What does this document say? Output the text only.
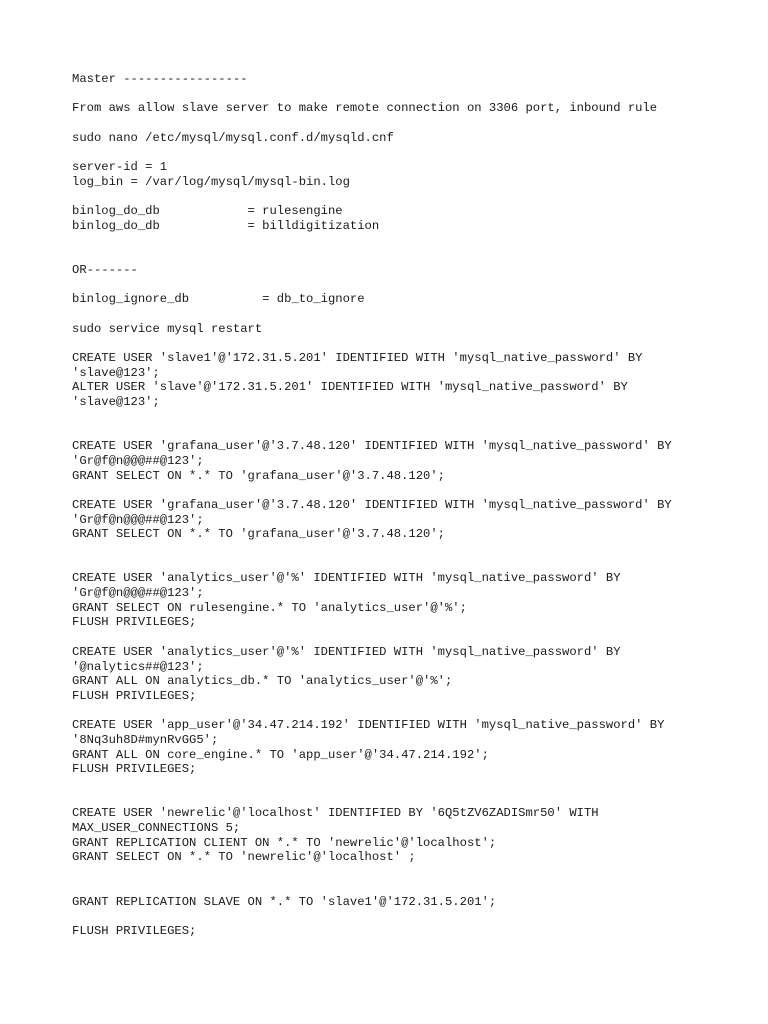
Master -----------------
From aws allow slave server to make remote connection on 3306 port, inbound rule
sudo nano /etc/mysql/mysql.conf.d/mysqld.cnf
server-id = 1
log_bin = /var/log/mysql/mysql-bin.log
binlog_do_db            = rulesengine
binlog_do_db            = billdigitization
OR-------
binlog_ignore_db          = db_to_ignore
sudo service mysql restart
CREATE USER 'slave1'@'172.31.5.201' IDENTIFIED WITH 'mysql_native_password' BY
'slave@123';
ALTER USER 'slave'@'172.31.5.201' IDENTIFIED WITH 'mysql_native_password' BY
'slave@123';
CREATE USER 'grafana_user'@'3.7.48.120' IDENTIFIED WITH 'mysql_native_password' BY
'Gr@f@n@@@##@123';
GRANT SELECT ON *.* TO 'grafana_user'@'3.7.48.120';
CREATE USER 'grafana_user'@'3.7.48.120' IDENTIFIED WITH 'mysql_native_password' BY
'Gr@f@n@@@##@123';
GRANT SELECT ON *.* TO 'grafana_user'@'3.7.48.120';
CREATE USER 'analytics_user'@'%' IDENTIFIED WITH 'mysql_native_password' BY
'Gr@f@n@@@##@123';
GRANT SELECT ON rulesengine.* TO 'analytics_user'@'%';
FLUSH PRIVILEGES;
CREATE USER 'analytics_user'@'%' IDENTIFIED WITH 'mysql_native_password' BY
'@nalytics##@123';
GRANT ALL ON analytics_db.* TO 'analytics_user'@'%';
FLUSH PRIVILEGES;
CREATE USER 'app_user'@'34.47.214.192' IDENTIFIED WITH 'mysql_native_password' BY
'8Nq3uh8D#mynRvGG5';
GRANT ALL ON core_engine.* TO 'app_user'@'34.47.214.192';
FLUSH PRIVILEGES;
CREATE USER 'newrelic'@'localhost' IDENTIFIED BY '6Q5tZV6ZADISmr50' WITH
MAX_USER_CONNECTIONS 5;
GRANT REPLICATION CLIENT ON *.* TO 'newrelic'@'localhost';
GRANT SELECT ON *.* TO 'newrelic'@'localhost' ;
GRANT REPLICATION SLAVE ON *.* TO 'slave1'@'172.31.5.201';
FLUSH PRIVILEGES;
